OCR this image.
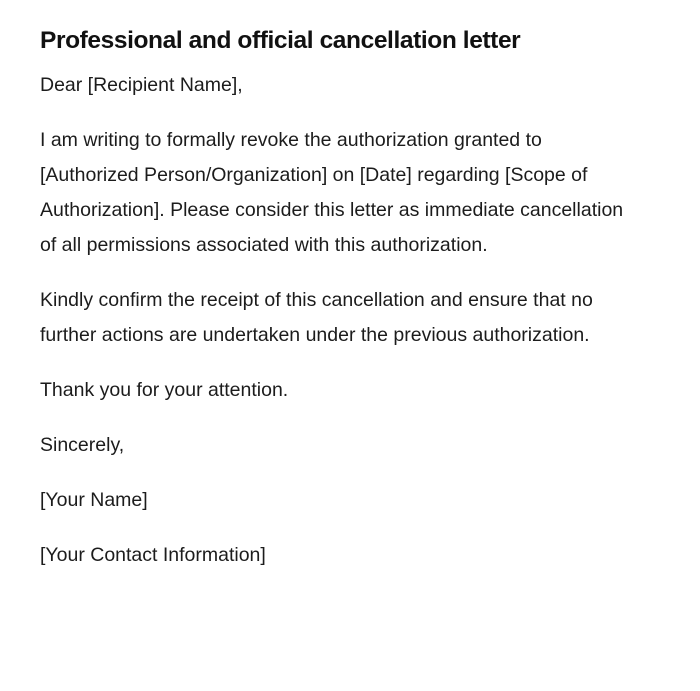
Professional and official cancellation letter

Dear [Recipient Name],

I am writing to formally revoke the authorization granted to [Authorized Person/Organization] on [Date] regarding [Scope of Authorization]. Please consider this letter as immediate cancellation of all permissions associated with this authorization.

Kindly confirm the receipt of this cancellation and ensure that no further actions are undertaken under the previous authorization.

Thank you for your attention.

Sincerely,

[Your Name]

[Your Contact Information]
